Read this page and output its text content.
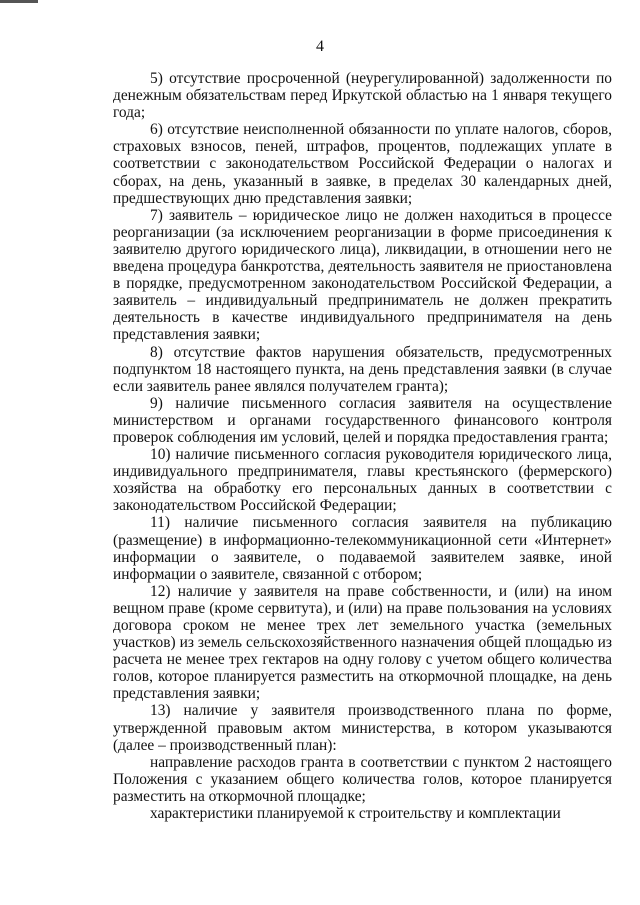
4

5) отсутствие просроченной (неурегулированной) задолженности по денежным обязательствам перед Иркутской областью на 1 января текущего года;

6) отсутствие неисполненной обязанности по уплате налогов, сборов, страховых взносов, пеней, штрафов, процентов, подлежащих уплате в соответствии с законодательством Российской Федерации о налогах и сборах, на день, указанный в заявке, в пределах 30 календарных дней, предшествующих дню представления заявки;

7) заявитель – юридическое лицо не должен находиться в процессе реорганизации (за исключением реорганизации в форме присоединения к заявителю другого юридического лица), ликвидации, в отношении него не введена процедура банкротства, деятельность заявителя не приостановлена в порядке, предусмотренном законодательством Российской Федерации, а заявитель – индивидуальный предприниматель не должен прекратить деятельность в качестве индивидуального предпринимателя на день представления заявки;

8) отсутствие фактов нарушения обязательств, предусмотренных подпунктом 18 настоящего пункта, на день представления заявки (в случае если заявитель ранее являлся получателем гранта);

9) наличие письменного согласия заявителя на осуществление министерством и органами государственного финансового контроля проверок соблюдения им условий, целей и порядка предоставления гранта;

10) наличие письменного согласия руководителя юридического лица, индивидуального предпринимателя, главы крестьянского (фермерского) хозяйства на обработку его персональных данных в соответствии с законодательством Российской Федерации;

11) наличие письменного согласия заявителя на публикацию (размещение) в информационно-телекоммуникационной сети «Интернет» информации о заявителе, о подаваемой заявителем заявке, иной информации о заявителе, связанной с отбором;

12) наличие у заявителя на праве собственности, и (или) на ином вещном праве (кроме сервитута), и (или) на праве пользования на условиях договора сроком не менее трех лет земельного участка (земельных участков) из земель сельскохозяйственного назначения общей площадью из расчета не менее трех гектаров на одну голову с учетом общего количества голов, которое планируется разместить на откормочной площадке, на день представления заявки;

13) наличие у заявителя производственного плана по форме, утвержденной правовым актом министерства, в котором указываются (далее – производственный план):

направление расходов гранта в соответствии с пунктом 2 настоящего Положения с указанием общего количества голов, которое планируется разместить на откормочной площадке;

характеристики планируемой к строительству и комплектации
